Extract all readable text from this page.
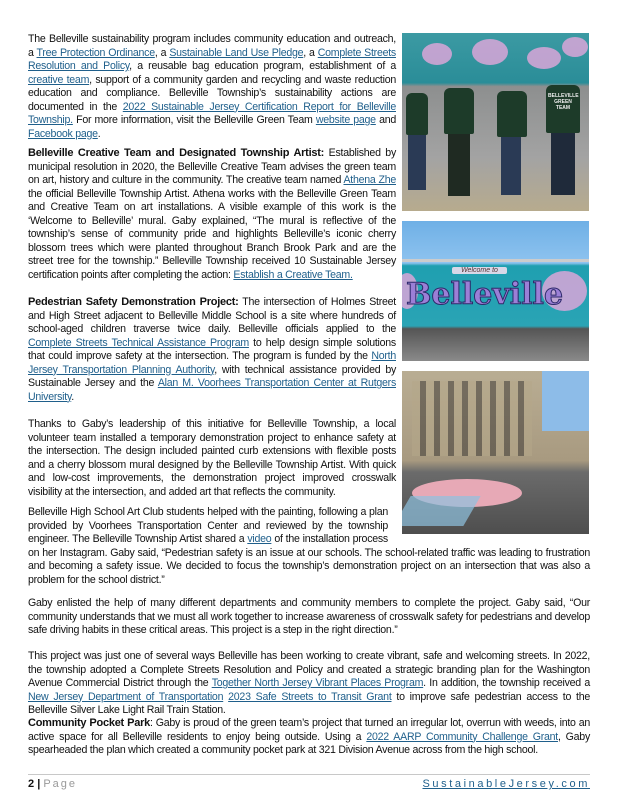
The Belleville sustainability program includes community education and outreach, a Tree Protection Ordinance, a Sustainable Land Use Pledge, a Complete Streets Resolution and Policy, a reusable bag education program, establishment of a creative team, support of a community garden and recycling and waste reduction education and compliance. Belleville Township’s sustainability actions are documented in the 2022 Sustainable Jersey Certification Report for Belleville Township. For more information, visit the Belleville Green Team website page and Facebook page.

Belleville Creative Team and Designated Township Artist: Established by municipal resolution in 2020, the Belleville Creative Team advises the green team on art, history and culture in the community. The creative team named Athena Zhe the official Belleville Township Artist. Athena works with the Belleville Green Team and Creative Team on art installations. A visible example of this work is the ‘Welcome to Belleville’ mural. Gaby explained, “The mural is reflective of the township’s sense of community pride and highlights Belleville’s iconic cherry blossom trees which were planted throughout Branch Brook Park and are the street tree for the township.” Belleville Township received 10 Sustainable Jersey certification points after completing the action: Establish a Creative Team.

Pedestrian Safety Demonstration Project: The intersection of Holmes Street and High Street adjacent to Belleville Middle School is a site where hundreds of school-aged children traverse twice daily. Belleville officials applied to the Complete Streets Technical Assistance Program to help design simple solutions that could improve safety at the intersection. The program is funded by the North Jersey Transportation Planning Authority, with technical assistance provided by Sustainable Jersey and the Alan M. Voorhees Transportation Center at Rutgers University.

Thanks to Gaby’s leadership of this initiative for Belleville Township, a local volunteer team installed a temporary demonstration project to enhance safety at the intersection. The design included painted curb extensions with flexible posts and a cherry blossom mural designed by the Belleville Township Artist. With quick and low-cost improvements, the demonstration project improved crosswalk visibility at the intersection, and added art that reflects the community.

Belleville High School Art Club students helped with the painting, following a plan provided by Voorhees Transportation Center and reviewed by the township engineer. The Belleville Township Artist shared a video of the installation process on her Instagram. Gaby said, “Pedestrian safety is an issue at our schools. The school-related traffic was leading to frustration and becoming a safety issue. We decided to focus the township’s demonstration project on an intersection that was also a problem for the school district.”

Gaby enlisted the help of many different departments and community members to complete the project. Gaby said, “Our community understands that we must all work together to increase awareness of crosswalk safety for pedestrians and develop safe driving habits in these critical areas. This project is a step in the right direction.”

This project was just one of several ways Belleville has been working to create vibrant, safe and welcoming streets. In 2022, the township adopted a Complete Streets Resolution and Policy and created a strategic branding plan for the Washington Avenue Commercial District through the Together North Jersey Vibrant Places Program. In addition, the township received a New Jersey Department of Transportation 2023 Safe Streets to Transit Grant to improve safe pedestrian access to the Belleville Silver Lake Light Rail Train Station.

Community Pocket Park: Gaby is proud of the green team’s project that turned an irregular lot, overrun with weeds, into an active space for all Belleville residents to enjoy being outside. Using a 2022 AARP Community Challenge Grant, Gaby spearheaded the plan which created a community pocket park at 321 Division Avenue across from the high school.

BELLEVILLE GREEN TEAM
Welcome to
Belleville
2 | Page	SustainableJersey.com
